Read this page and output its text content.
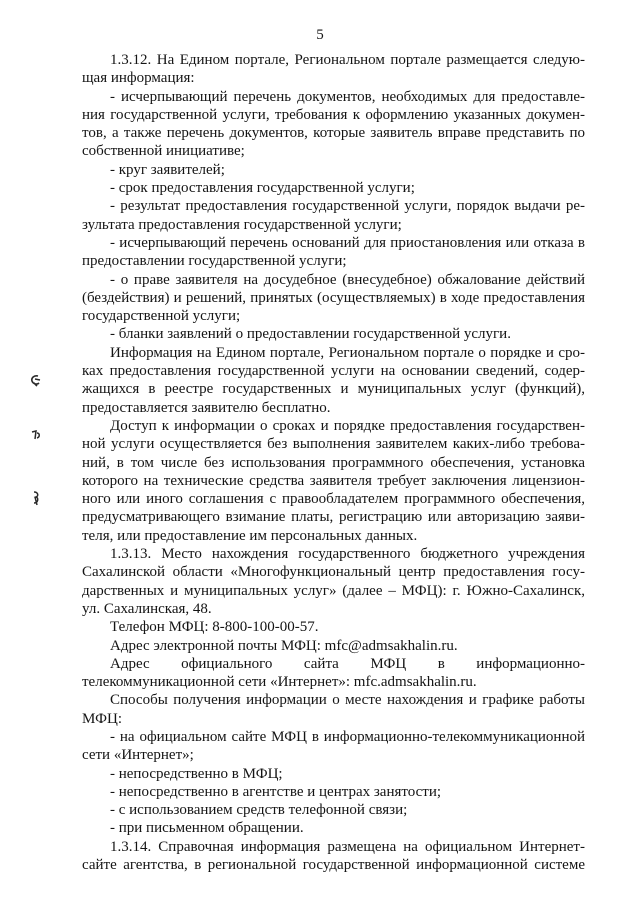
5
1.3.12. На Едином портале, Региональном портале размещается следую-
щая информация:
- исчерпывающий перечень документов, необходимых для предоставле-
ния государственной услуги, требования к оформлению указанных докумен-
тов, а также перечень документов, которые заявитель вправе представить по
собственной инициативе;
- круг заявителей;
- срок предоставления государственной услуги;
- результат предоставления государственной услуги, порядок выдачи ре-
зультата предоставления государственной услуги;
- исчерпывающий перечень оснований для приостановления или отказа в
предоставлении государственной услуги;
- о праве заявителя на досудебное (внесудебное) обжалование действий
(бездействия) и решений, принятых (осуществляемых) в ходе предоставления
государственной услуги;
- бланки заявлений о предоставлении государственной услуги.
Информация на Едином портале, Региональном портале о порядке и сро-
ках предоставления государственной услуги на основании сведений, содер-
жащихся в реестре государственных и муниципальных услуг (функций),
предоставляется заявителю бесплатно.
Доступ к информации о сроках и порядке предоставления государствен-
ной услуги осуществляется без выполнения заявителем каких-либо требова-
ний, в том числе без использования программного обеспечения, установка
которого на технические средства заявителя требует заключения лицензион-
ного или иного соглашения с правообладателем программного обеспечения,
предусматривающего взимание платы, регистрацию или авторизацию заяви-
теля, или предоставление им персональных данных.
1.3.13. Место нахождения государственного бюджетного учреждения
Сахалинской области «Многофункциональный центр предоставления госу-
дарственных и муниципальных услуг» (далее – МФЦ): г. Южно-Сахалинск,
ул. Сахалинская, 48.
Телефон МФЦ: 8-800-100-00-57.
Адрес электронной почты МФЦ: mfc@admsakhalin.ru.
Адрес официального сайта МФЦ в информационно-
телекоммуникационной сети «Интернет»: mfc.admsakhalin.ru.
Способы получения информации о месте нахождения и графике работы
МФЦ:
- на официальном сайте МФЦ в информационно-телекоммуникационной
сети «Интернет»;
- непосредственно в МФЦ;
- непосредственно в агентстве и центрах занятости;
- с использованием средств телефонной связи;
- при письменном обращении.
1.3.14. Справочная информация размещена на официальном Интернет-
сайте агентства, в региональной государственной информационной системе
